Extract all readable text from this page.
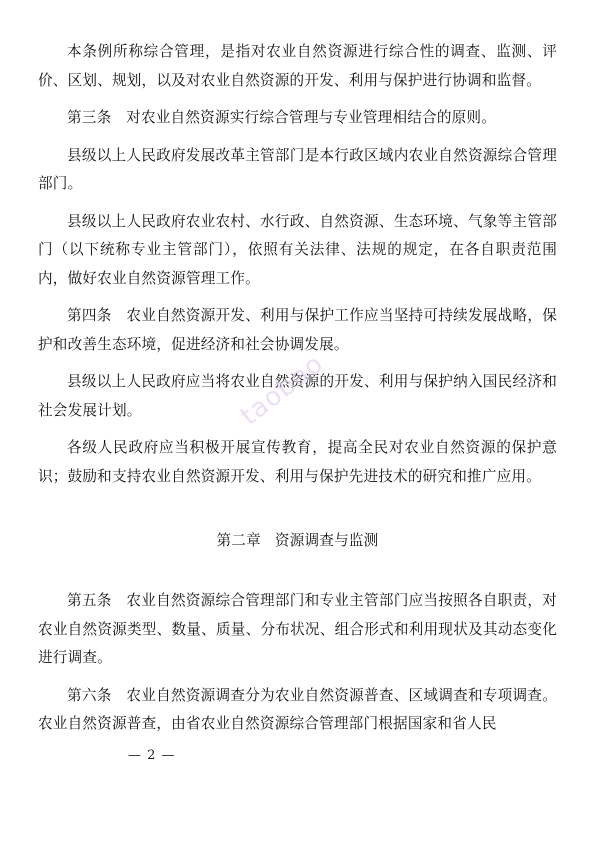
本条例所称综合管理，是指对农业自然资源进行综合性的调查、监测、评价、区划、规划，以及对农业自然资源的开发、利用与保护进行协调和监督。

第三条　对农业自然资源实行综合管理与专业管理相结合的原则。

县级以上人民政府发展改革主管部门是本行政区域内农业自然资源综合管理部门。

县级以上人民政府农业农村、水行政、自然资源、生态环境、气象等主管部门（以下统称专业主管部门），依照有关法律、法规的规定，在各自职责范围内，做好农业自然资源管理工作。

第四条　农业自然资源开发、利用与保护工作应当坚持可持续发展战略，保护和改善生态环境，促进经济和社会协调发展。

县级以上人民政府应当将农业自然资源的开发、利用与保护纳入国民经济和社会发展计划。

各级人民政府应当积极开展宣传教育，提高全民对农业自然资源的保护意识；鼓励和支持农业自然资源开发、利用与保护先进技术的研究和推广应用。

第二章 资源调查与监测

第五条　农业自然资源综合管理部门和专业主管部门应当按照各自职责，对农业自然资源类型、数量、质量、分布状况、组合形式和利用现状及其动态变化进行调查。

第六条　农业自然资源调查分为农业自然资源普查、区域调查和专项调查。农业自然资源普查，由省农业自然资源综合管理部门根据国家和省人民

taobao
— 2 —
